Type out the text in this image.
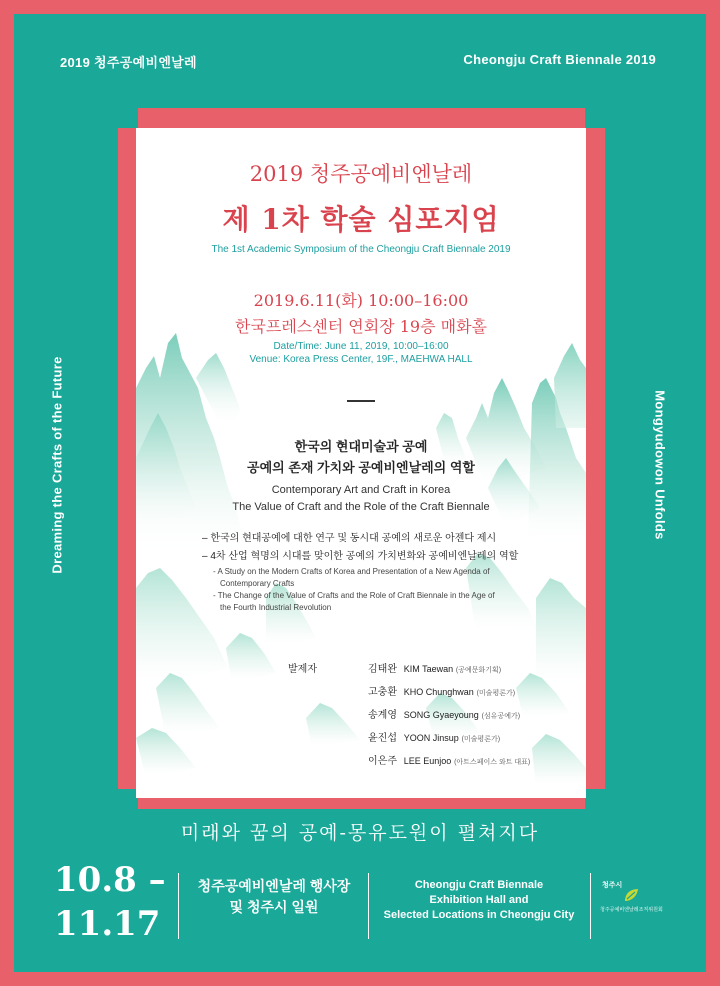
2019 청주공예비엔날레	Cheongju Craft Biennale 2019
Dreaming the Crafts of the Future	Mongyudowon Unfolds
2019 청주공예비엔날레
제 1차 학술 심포지엄
The 1st Academic Symposium of the Cheongju Craft Biennale 2019
2019.6.11(화) 10:00–16:00
한국프레스센터 연회장 19층 매화홀
Date/Time: June 11, 2019, 10:00–16:00
Venue: Korea Press Center, 19F., MAEHWA HALL
한국의 현대미술과 공예
공예의 존재 가치와 공예비엔날레의 역할
Contemporary Art and Craft in Korea
The Value of Craft and the Role of the Craft Biennale
– 한국의 현대공예에 대한 연구 및 동시대 공예의 새로운 아젠다 제시
– 4차 산업 혁명의 시대를 맞이한 공예의 가치변화와 공예비엔날레의 역할
- A Study on the Modern Crafts of Korea and Presentation of a New Agenda of
Contemporary Crafts
- The Change of the Value of Crafts and the Role of Craft Biennale in the Age of
the Fourth Industrial Revolution
발제자	김태완 KIM Taewan (공예문화기획)
고충환 KHO Chunghwan (미술평론가)
송계영 SONG Gyaeyoung (섬유공예가)
윤진섭 YOON Jinsup (미술평론가)
이은주 LEE Eunjoo (아트스페이스 와트 대표)
미래와 꿈의 공예-몽유도원이 펼쳐지다
10.8 –
11.17
청주공예비엔날레 행사장
및 청주시 일원
Cheongju Craft Biennale
Exhibition Hall and
Selected Locations in Cheongju City
청주시
청주공예비엔날레조직위원회
